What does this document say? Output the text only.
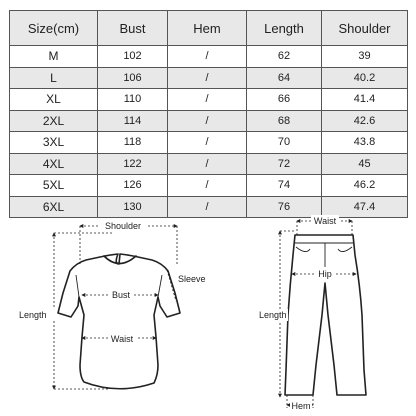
Size(cm)	Bust	Hem	Length	Shoulder
M	102	/	62	39
L	106	/	64	40.2
XL	110	/	66	41.4
2XL	114	/	68	42.6
3XL	118	/	70	43.8
4XL	122	/	72	45
5XL	126	/	74	46.2
6XL	130	/	76	47.4
Shoulder
Sleeve
Bust
Waist
Length
Waist
Hip
Length
Hem
